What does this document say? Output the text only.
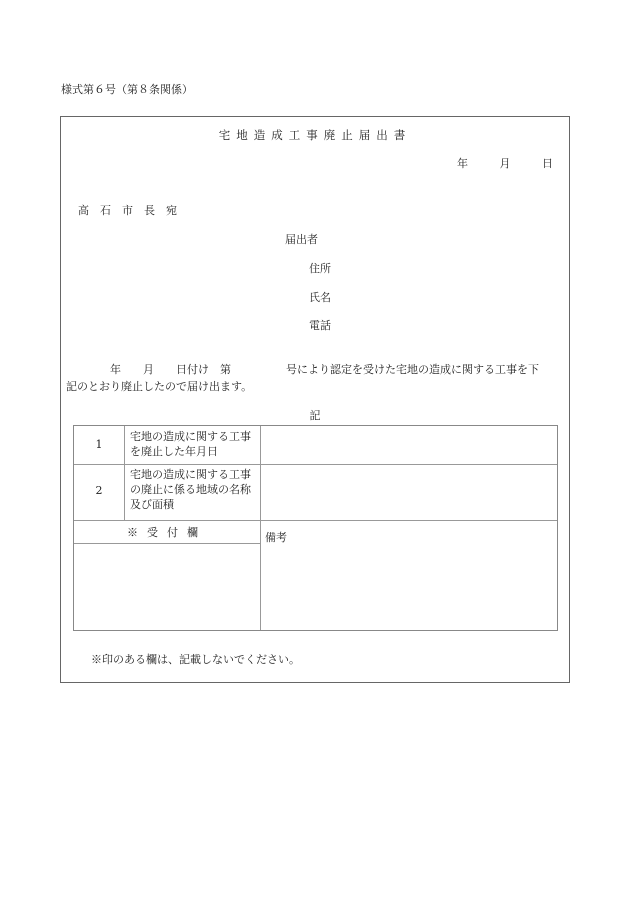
様式第６号（第８条関係）
宅地造成工事廃止届出書
年 月 日
高石市長宛
届出者
住所
氏名
電話
　　　　年　　月　　日付け　第　　　　　号により認定を受けた宅地の造成に関する工事を下
記のとおり廃止したので届け出ます。
記
1
宅地の造成に関する工事を廃止した年月日
2
宅地の造成に関する工事の廃止に係る地域の名称及び面積
※受付欄	備考
※印のある欄は、記載しないでください。
